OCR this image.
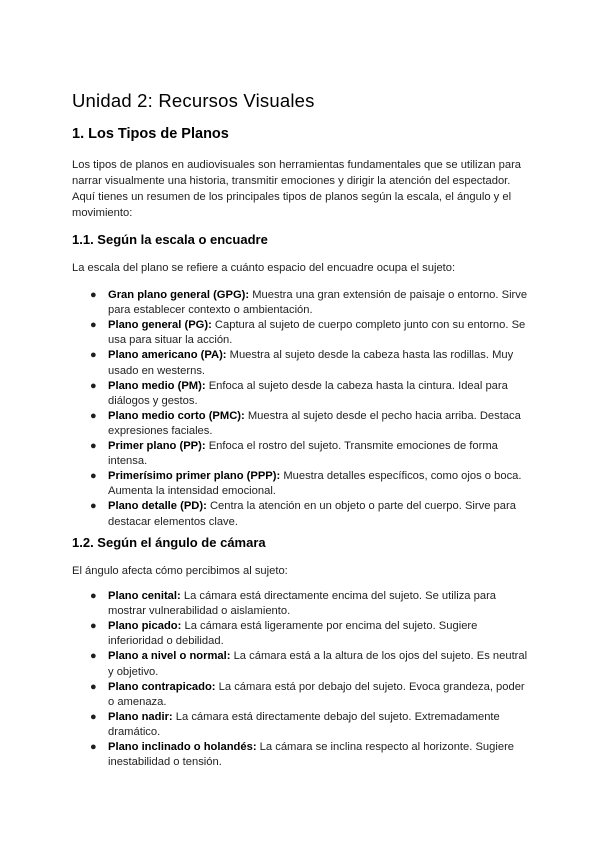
Unidad 2: Recursos Visuales
1. Los Tipos de Planos

Los tipos de planos en audiovisuales son herramientas fundamentales que se utilizan para narrar visualmente una historia, transmitir emociones y dirigir la atención del espectador. Aquí tienes un resumen de los principales tipos de planos según la escala, el ángulo y el movimiento:

1.1. Según la escala o encuadre

La escala del plano se refiere a cuánto espacio del encuadre ocupa el sujeto:

● Gran plano general (GPG): Muestra una gran extensión de paisaje o entorno. Sirve para establecer contexto o ambientación.
● Plano general (PG): Captura al sujeto de cuerpo completo junto con su entorno. Se usa para situar la acción.
● Plano americano (PA): Muestra al sujeto desde la cabeza hasta las rodillas. Muy usado en westerns.
● Plano medio (PM): Enfoca al sujeto desde la cabeza hasta la cintura. Ideal para diálogos y gestos.
● Plano medio corto (PMC): Muestra al sujeto desde el pecho hacia arriba. Destaca expresiones faciales.
● Primer plano (PP): Enfoca el rostro del sujeto. Transmite emociones de forma intensa.
● Primerísimo primer plano (PPP): Muestra detalles específicos, como ojos o boca. Aumenta la intensidad emocional.
● Plano detalle (PD): Centra la atención en un objeto o parte del cuerpo. Sirve para destacar elementos clave.
1.2. Según el ángulo de cámara

El ángulo afecta cómo percibimos al sujeto:

● Plano cenital: La cámara está directamente encima del sujeto. Se utiliza para mostrar vulnerabilidad o aislamiento.
● Plano picado: La cámara está ligeramente por encima del sujeto. Sugiere inferioridad o debilidad.
● Plano a nivel o normal: La cámara está a la altura de los ojos del sujeto. Es neutral y objetivo.
● Plano contrapicado: La cámara está por debajo del sujeto. Evoca grandeza, poder o amenaza.
● Plano nadir: La cámara está directamente debajo del sujeto. Extremadamente dramático.
● Plano inclinado o holandés: La cámara se inclina respecto al horizonte. Sugiere inestabilidad o tensión.
